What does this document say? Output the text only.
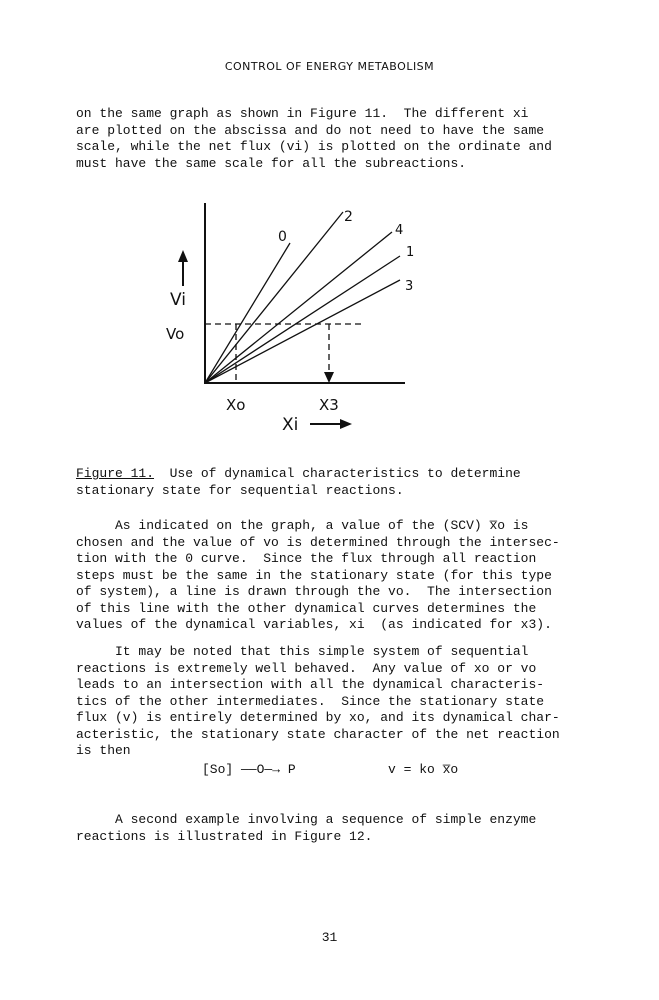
CONTROL OF ENERGY METABOLISM
on the same graph as shown in Figure 11.  The different xi
are plotted on the abscissa and do not need to have the same
scale, while the net flux (vi) is plotted on the ordinate and
must have the same scale for all the subreactions.
Vi
Vo
Xo	X3
Xi
0
2
4
1
3
Figure 11.  Use of dynamical characteristics to determine
stationary state for sequential reactions.
As indicated on the graph, a value of the (SCV) x̅o is
chosen and the value of vo is determined through the intersec-
tion with the 0 curve.  Since the flux through all reaction
steps must be the same in the stationary state (for this type
of system), a line is drawn through the vo.  The intersection
of this line with the other dynamical curves determines the
values of the dynamical variables, xi  (as indicated for x3).
It may be noted that this simple system of sequential
reactions is extremely well behaved.  Any value of xo or vo
leads to an intersection with all the dynamical characteris-
tics of the other intermediates.  Since the stationary state
flux (v) is entirely determined by xo, and its dynamical char-
acteristic, the stationary state character of the net reaction
is then
[So] ——O—→ P	v = ko x̅o
A second example involving a sequence of simple enzyme
reactions is illustrated in Figure 12.
31
